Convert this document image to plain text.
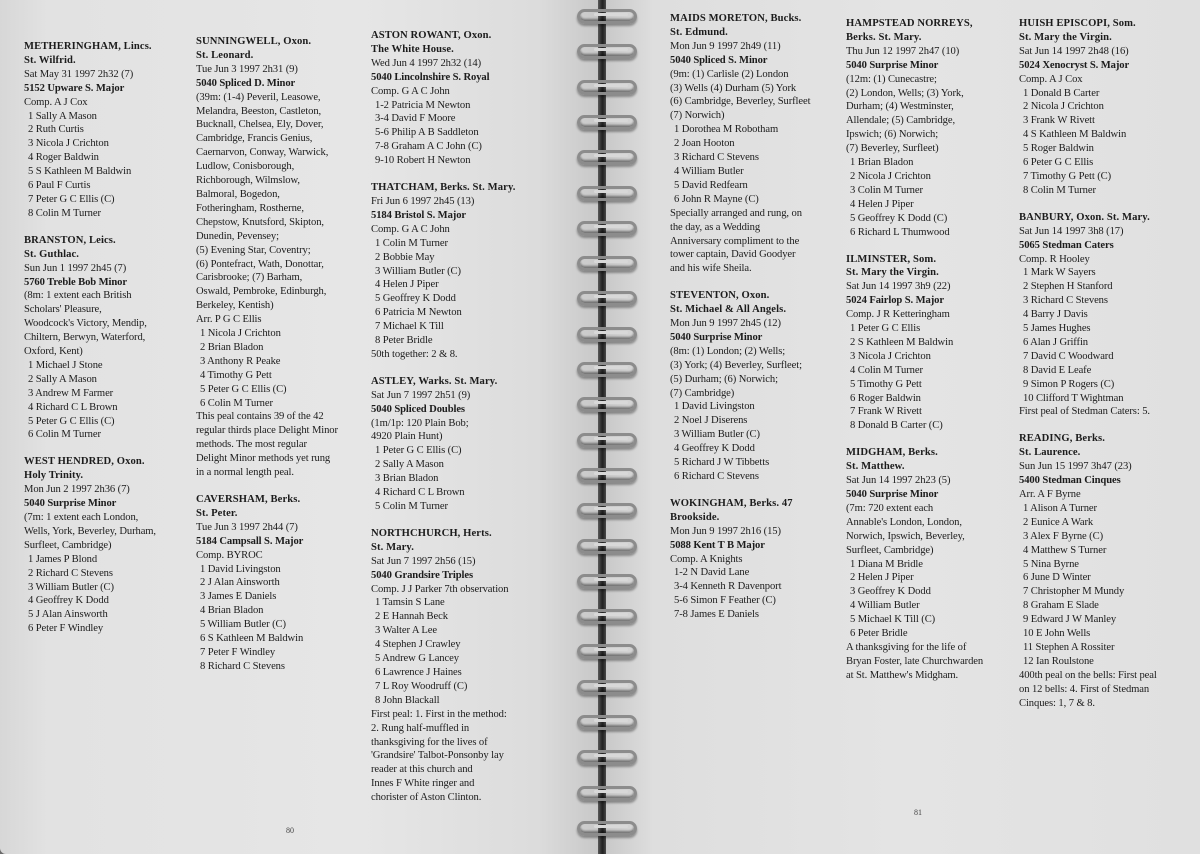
METHERINGHAM, Lincs.
St. Wilfrid.
Sat May 31 1997 2h32 (7)
5152 Upware S. Major
Comp. A J Cox
1 Sally A Mason
2 Ruth Curtis
3 Nicola J Crichton
4 Roger Baldwin
5 S Kathleen M Baldwin
6 Paul F Curtis
7 Peter G C Ellis (C)
8 Colin M Turner
BRANSTON, Leics.
St. Guthlac.
Sun Jun 1 1997 2h45 (7)
5760 Treble Bob Minor
(8m: 1 extent each British
Scholars' Pleasure,
Woodcock's Victory, Mendip,
Chiltern, Berwyn, Waterford,
Oxford, Kent)
1 Michael J Stone
2 Sally A Mason
3 Andrew M Farmer
4 Richard C L Brown
5 Peter G C Ellis (C)
6 Colin M Turner
WEST HENDRED, Oxon.
Holy Trinity.
Mon Jun 2 1997 2h36 (7)
5040 Surprise Minor
(7m: 1 extent each London,
Wells, York, Beverley, Durham,
Surfleet, Cambridge)
1 James P Blond
2 Richard C Stevens
3 William Butler (C)
4 Geoffrey K Dodd
5 J Alan Ainsworth
6 Peter F Windley
SUNNINGWELL, Oxon.
St. Leonard.
Tue Jun 3 1997 2h31 (9)
5040 Spliced D. Minor
(39m: (1-4) Peveril, Leasowe,
Melandra, Beeston, Castleton,
Bucknall, Chelsea, Ely, Dover,
Cambridge, Francis Genius,
Caernarvon, Conway, Warwick,
Ludlow, Conisborough,
Richborough, Wilmslow,
Balmoral, Bogedon,
Fotheringham, Rostherne,
Chepstow, Knutsford, Skipton,
Dunedin, Pevensey;
(5) Evening Star, Coventry;
(6) Pontefract, Wath, Donottar,
Carisbrooke; (7) Barham,
Oswald, Pembroke, Edinburgh,
Berkeley, Kentish)
Arr. P G C Ellis
1 Nicola J Crichton
2 Brian Bladon
3 Anthony R Peake
4 Timothy G Pett
5 Peter G C Ellis (C)
6 Colin M Turner
This peal contains 39 of the 42
regular thirds place Delight Minor
methods. The most regular
Delight Minor methods yet rung
in a normal length peal.
CAVERSHAM, Berks.
St. Peter.
Tue Jun 3 1997 2h44 (7)
5184 Campsall S. Major
Comp. BYROC
1 David Livingston
2 J Alan Ainsworth
3 James E Daniels
4 Brian Bladon
5 William Butler (C)
6 S Kathleen M Baldwin
7 Peter F Windley
8 Richard C Stevens
ASTON ROWANT, Oxon.
The White House.
Wed Jun 4 1997 2h32 (14)
5040 Lincolnshire S. Royal
Comp. G A C John
1-2 Patricia M Newton
3-4 David F Moore
5-6 Philip A B Saddleton
7-8 Graham A C John (C)
9-10 Robert H Newton
THATCHAM, Berks. St. Mary.
Fri Jun 6 1997 2h45 (13)
5184 Bristol S. Major
Comp. G A C John
1 Colin M Turner
2 Bobbie May
3 William Butler (C)
4 Helen J Piper
5 Geoffrey K Dodd
6 Patricia M Newton
7 Michael K Till
8 Peter Bridle
50th together: 2 & 8.
ASTLEY, Warks. St. Mary.
Sat Jun 7 1997 2h51 (9)
5040 Spliced Doubles
(1m/1p: 120 Plain Bob;
4920 Plain Hunt)
1 Peter G C Ellis (C)
2 Sally A Mason
3 Brian Bladon
4 Richard C L Brown
5 Colin M Turner
NORTHCHURCH, Herts.
St. Mary.
Sat Jun 7 1997 2h56 (15)
5040 Grandsire Triples
Comp. J J Parker 7th observation
1 Tamsin S Lane
2 E Hannah Beck
3 Walter A Lee
4 Stephen J Crawley
5 Andrew G Lancey
6 Lawrence J Haines
7 L Roy Woodruff (C)
8 John Blackall
First peal: 1. First in the method:
2. Rung half-muffled in
thanksgiving for the lives of
'Grandsire' Talbot-Ponsonby lay
reader at this church and
Innes F White ringer and
chorister of Aston Clinton.
80
MAIDS MORETON, Bucks.
St. Edmund.
Mon Jun 9 1997 2h49 (11)
5040 Spliced S. Minor
(9m: (1) Carlisle (2) London
(3) Wells (4) Durham (5) York
(6) Cambridge, Beverley, Surfleet
(7) Norwich)
1 Dorothea M Robotham
2 Joan Hooton
3 Richard C Stevens
4 William Butler
5 David Redfearn
6 John R Mayne (C)
Specially arranged and rung, on
the day, as a Wedding
Anniversary compliment to the
tower captain, David Goodyer
and his wife Sheila.
STEVENTON, Oxon.
St. Michael & All Angels.
Mon Jun 9 1997 2h45 (12)
5040 Surprise Minor
(8m: (1) London; (2) Wells;
(3) York; (4) Beverley, Surfleet;
(5) Durham; (6) Norwich;
(7) Cambridge)
1 David Livingston
2 Noel J Diserens
3 William Butler (C)
4 Geoffrey K Dodd
5 Richard J W Tibbetts
6 Richard C Stevens
WOKINGHAM, Berks. 47
Brookside.
Mon Jun 9 1997 2h16 (15)
5088 Kent T B Major
Comp. A Knights
1-2 N David Lane
3-4 Kenneth R Davenport
5-6 Simon F Feather (C)
7-8 James E Daniels
HAMPSTEAD NORREYS,
Berks. St. Mary.
Thu Jun 12 1997 2h47 (10)
5040 Surprise Minor
(12m: (1) Cunecastre;
(2) London, Wells; (3) York,
Durham; (4) Westminster,
Allendale; (5) Cambridge,
Ipswich; (6) Norwich;
(7) Beverley, Surfleet)
1 Brian Bladon
2 Nicola J Crichton
3 Colin M Turner
4 Helen J Piper
5 Geoffrey K Dodd (C)
6 Richard L Thumwood
ILMINSTER, Som.
St. Mary the Virgin.
Sat Jun 14 1997 3h9 (22)
5024 Fairlop S. Major
Comp. J R Ketteringham
1 Peter G C Ellis
2 S Kathleen M Baldwin
3 Nicola J Crichton
4 Colin M Turner
5 Timothy G Pett
6 Roger Baldwin
7 Frank W Rivett
8 Donald B Carter (C)
MIDGHAM, Berks.
St. Matthew.
Sat Jun 14 1997 2h23 (5)
5040 Surprise Minor
(7m: 720 extent each
Annable's London, London,
Norwich, Ipswich, Beverley,
Surfleet, Cambridge)
1 Diana M Bridle
2 Helen J Piper
3 Geoffrey K Dodd
4 William Butler
5 Michael K Till (C)
6 Peter Bridle
A thanksgiving for the life of
Bryan Foster, late Churchwarden
at St. Matthew's Midgham.
HUISH EPISCOPI, Som.
St. Mary the Virgin.
Sat Jun 14 1997 2h48 (16)
5024 Xenocryst S. Major
Comp. A J Cox
1 Donald B Carter
2 Nicola J Crichton
3 Frank W Rivett
4 S Kathleen M Baldwin
5 Roger Baldwin
6 Peter G C Ellis
7 Timothy G Pett (C)
8 Colin M Turner
BANBURY, Oxon. St. Mary.
Sat Jun 14 1997 3h8 (17)
5065 Stedman Caters
Comp. R Hooley
1 Mark W Sayers
2 Stephen H Stanford
3 Richard C Stevens
4 Barry J Davis
5 James Hughes
6 Alan J Griffin
7 David C Woodward
8 David E Leafe
9 Simon P Rogers (C)
10 Clifford T Wightman
First peal of Stedman Caters: 5.
READING, Berks.
St. Laurence.
Sun Jun 15 1997 3h47 (23)
5400 Stedman Cinques
Arr. A F Byrne
1 Alison A Turner
2 Eunice A Wark
3 Alex F Byrne (C)
4 Matthew S Turner
5 Nina Byrne
6 June D Winter
7 Christopher M Mundy
8 Graham E Slade
9 Edward J W Manley
10 E John Wells
11 Stephen A Rossiter
12 Ian Roulstone
400th peal on the bells: First peal
on 12 bells: 4. First of Stedman
Cinques: 1, 7 & 8.
81
